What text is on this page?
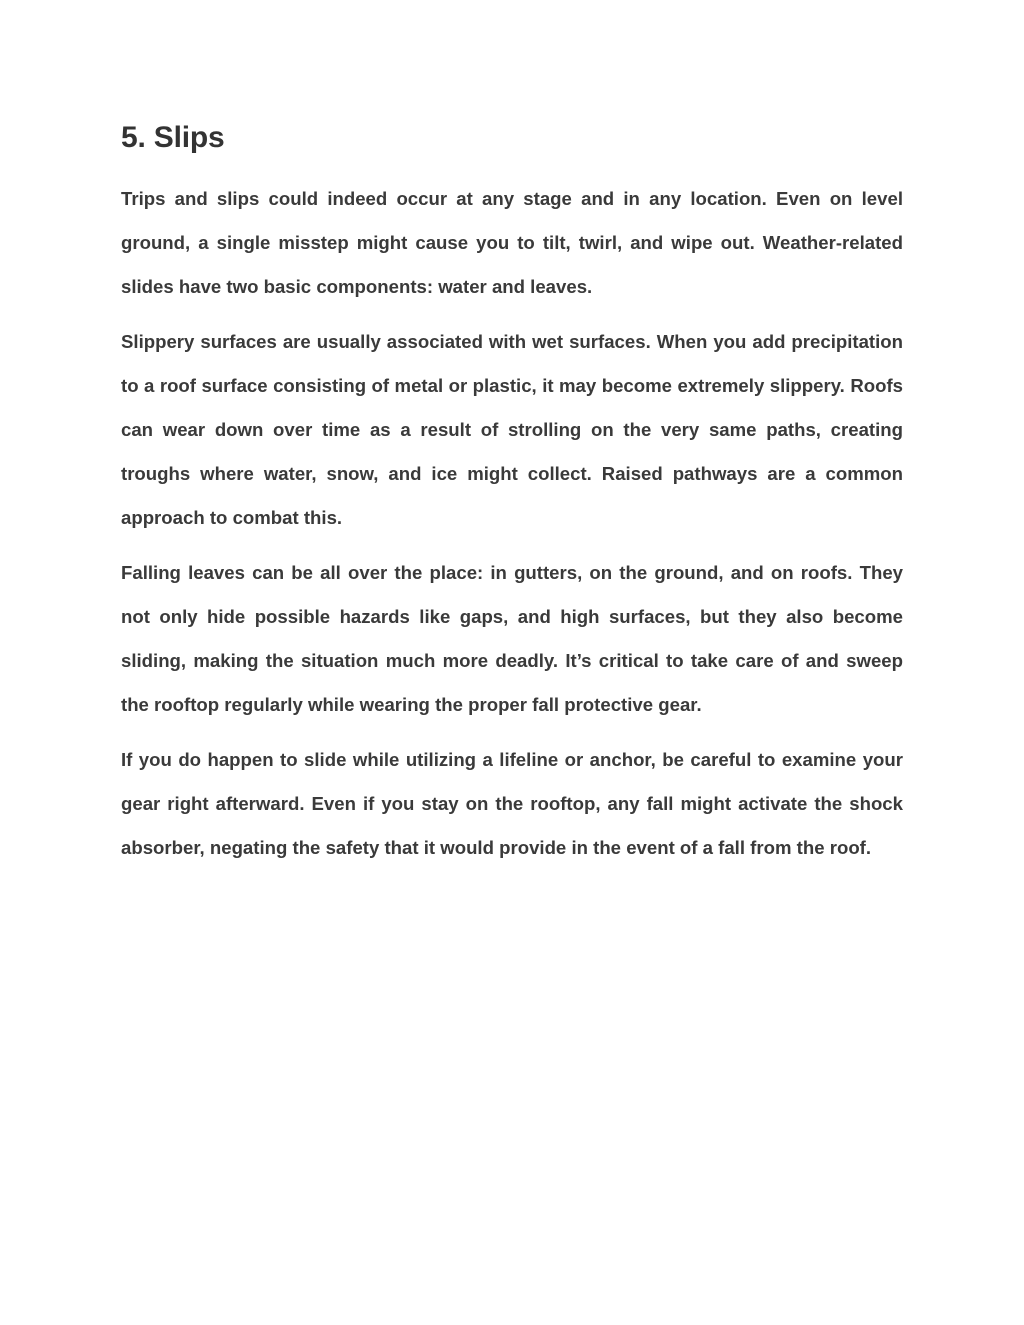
5. Slips

Trips and slips could indeed occur at any stage and in any location. Even on level ground, a single misstep might cause you to tilt, twirl, and wipe out. Weather-related slides have two basic components: water and leaves.

Slippery surfaces are usually associated with wet surfaces. When you add precipitation to a roof surface consisting of metal or plastic, it may become extremely slippery. Roofs can wear down over time as a result of strolling on the very same paths, creating troughs where water, snow, and ice might collect. Raised pathways are a common approach to combat this.

Falling leaves can be all over the place: in gutters, on the ground, and on roofs. They not only hide possible hazards like gaps, and high surfaces, but they also become sliding, making the situation much more deadly. It’s critical to take care of and sweep the rooftop regularly while wearing the proper fall protective gear.

If you do happen to slide while utilizing a lifeline or anchor, be careful to examine your gear right afterward. Even if you stay on the rooftop, any fall might activate the shock absorber, negating the safety that it would provide in the event of a fall from the roof.
